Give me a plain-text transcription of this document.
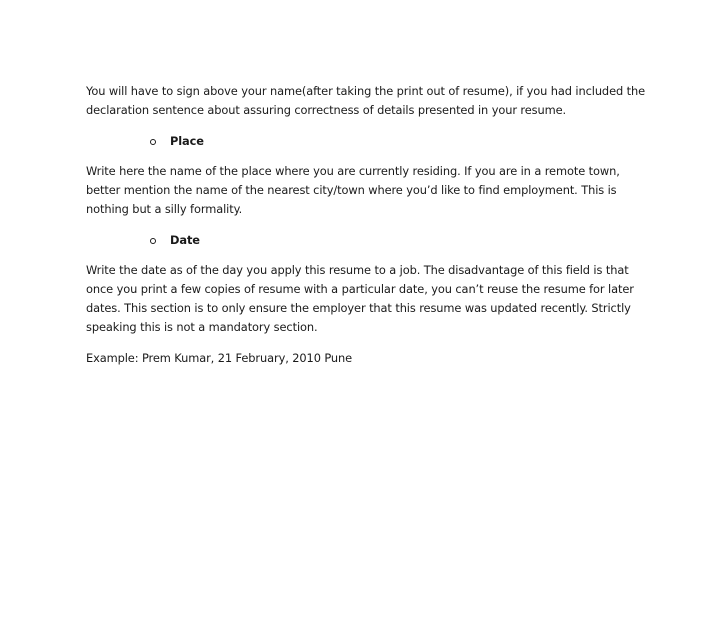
You will have to sign above your name(after taking the print out of resume), if you had included the declaration sentence about assuring correctness of details presented in your resume.

Place

Write here the name of the place where you are currently residing. If you are in a remote town, better mention the name of the nearest city/town where you’d like to find employment. This is nothing but a silly formality.

Date

Write the date as of the day you apply this resume to a job. The disadvantage of this field is that once you print a few copies of resume with a particular date, you can’t reuse the resume for later dates. This section is to only ensure the employer that this resume was updated recently. Strictly speaking this is not a mandatory section.

Example: Prem Kumar, 21 February, 2010 Pune
